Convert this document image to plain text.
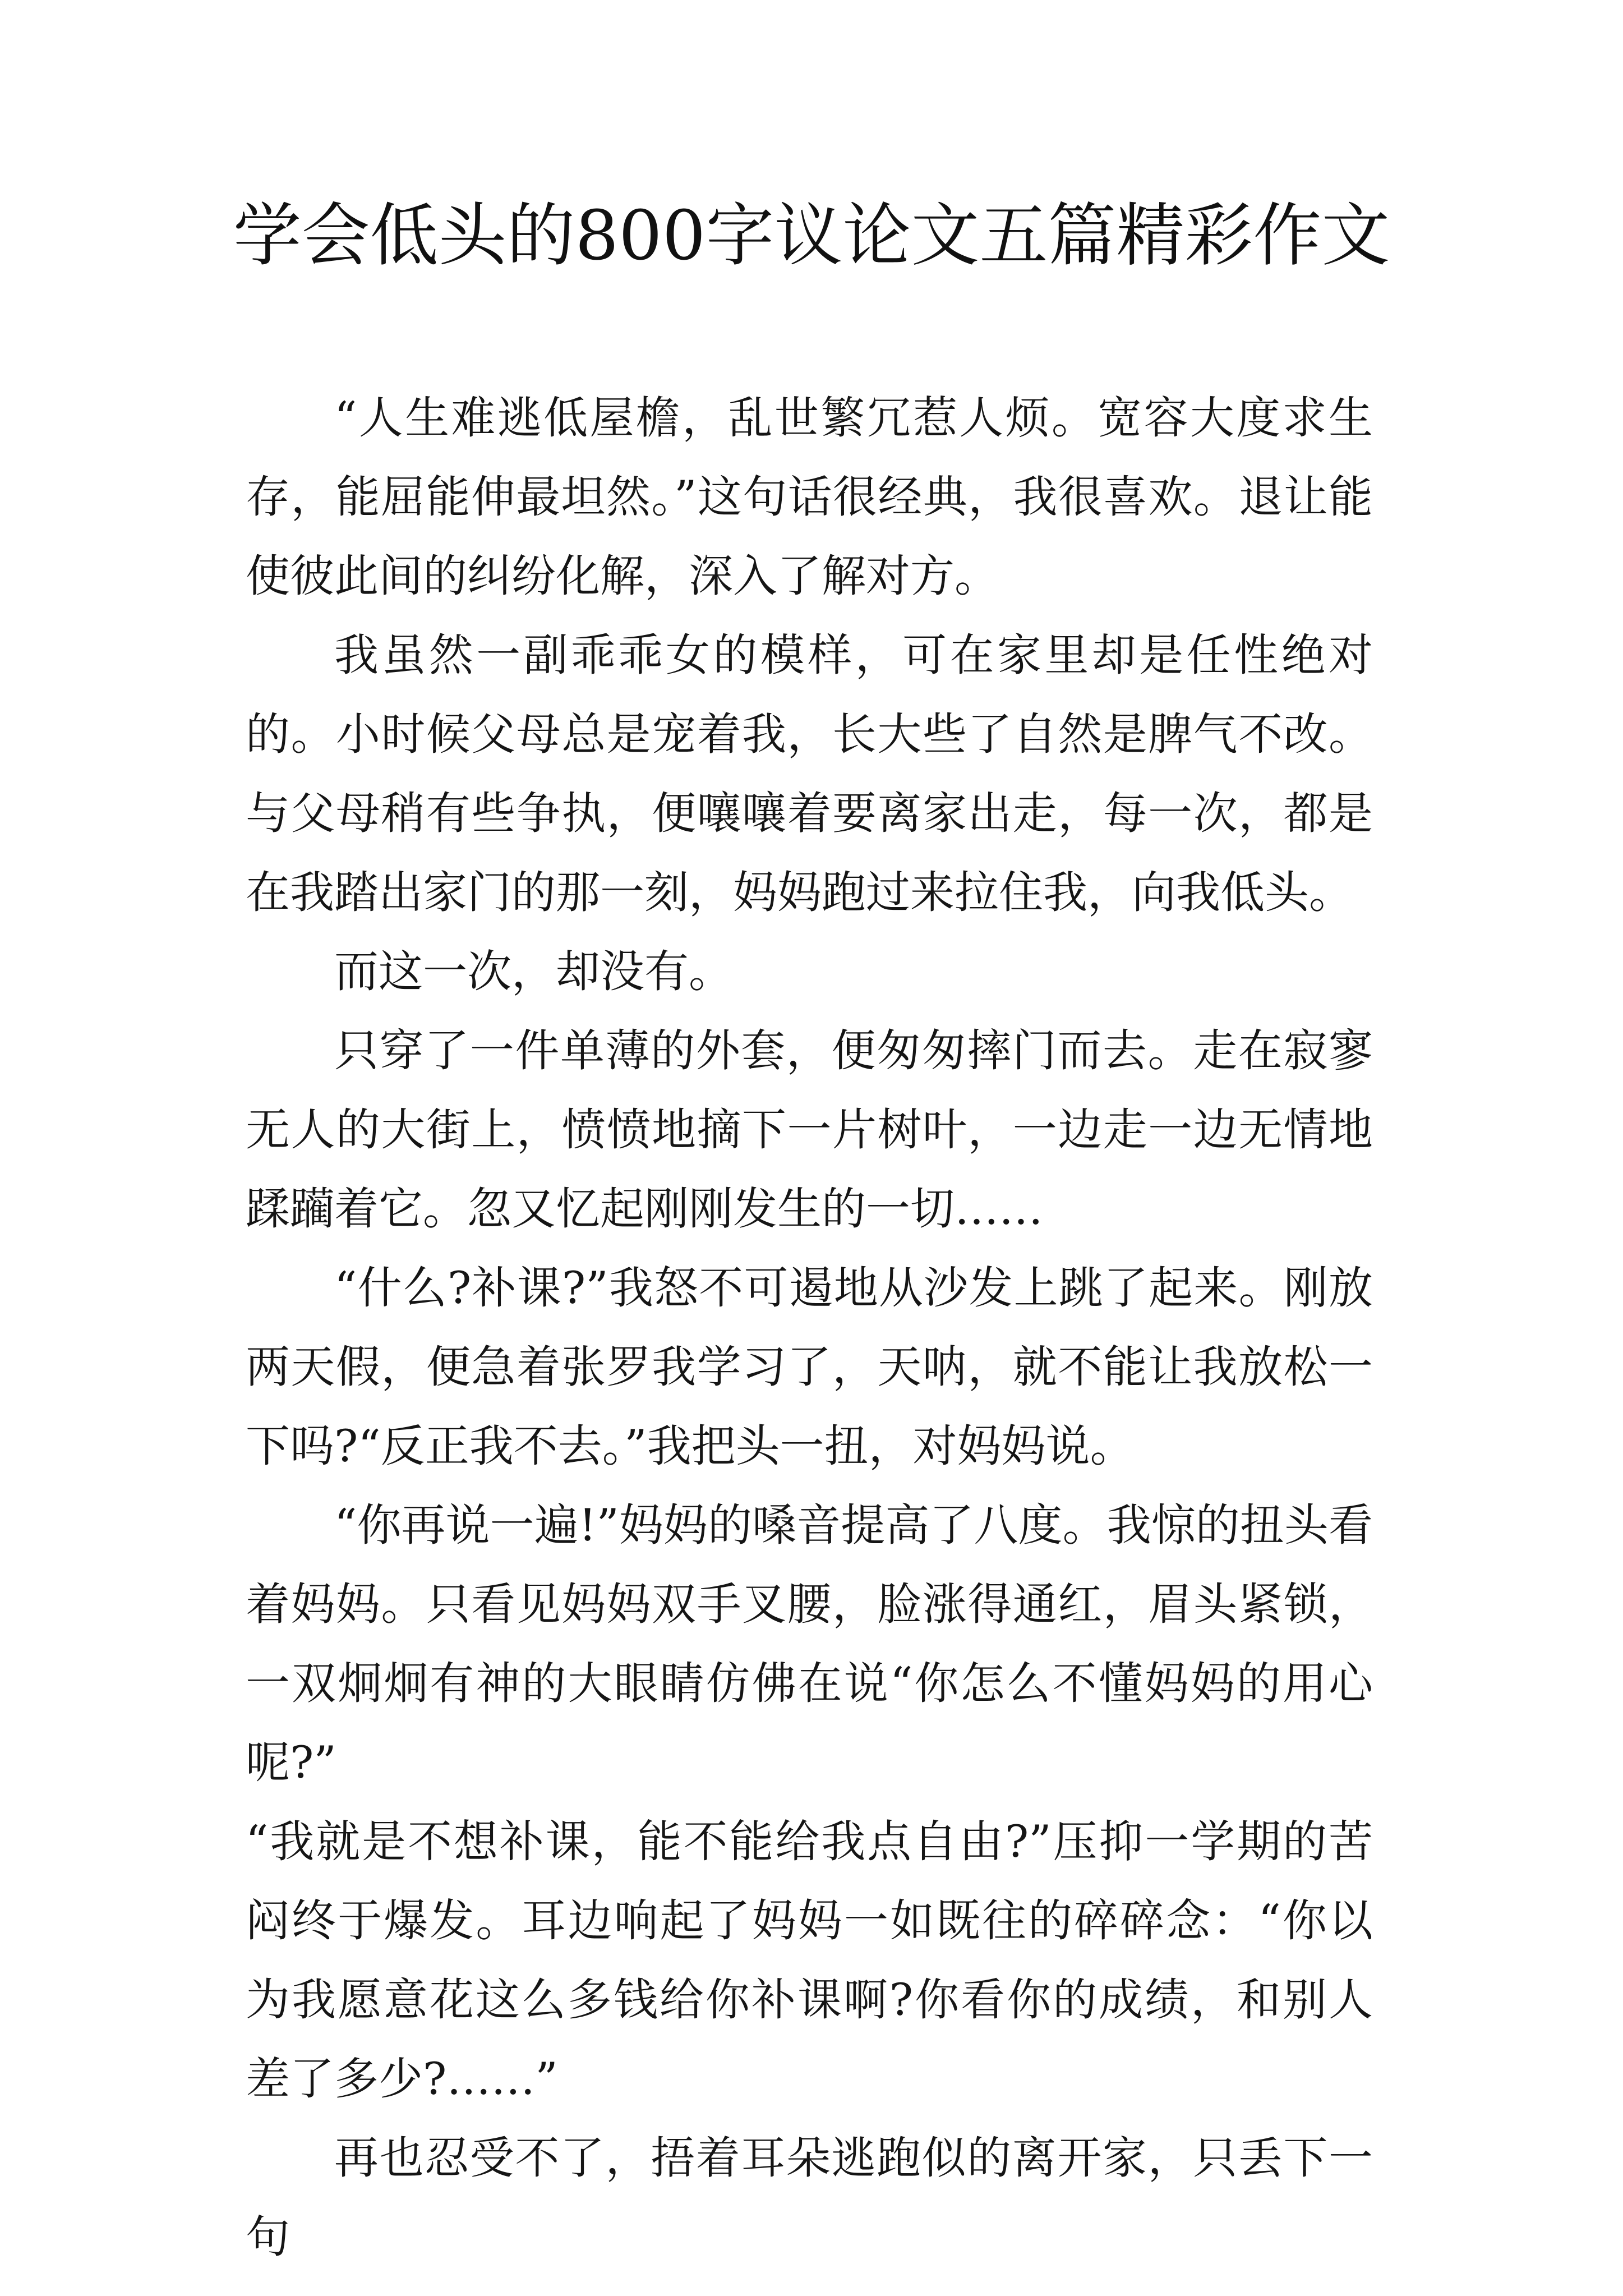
学会低头的800字议论文五篇精彩作文

“人生难逃低屋檐，乱世繁冗惹人烦。宽容大度求生存，能屈能伸最坦然。”这句话很经典，我很喜欢。退让能使彼此间的纠纷化解，深入了解对方。

我虽然一副乖乖女的模样，可在家里却是任性绝对的。小时候父母总是宠着我，长大些了自然是脾气不改。与父母稍有些争执，便嚷嚷着要离家出走，每一次，都是在我踏出家门的那一刻，妈妈跑过来拉住我，向我低头。

而这一次，却没有。

只穿了一件单薄的外套，便匆匆摔门而去。走在寂寥无人的大街上，愤愤地摘下一片树叶，一边走一边无情地蹂躏着它。忽又忆起刚刚发生的一切……

“什么?补课?”我怒不可遏地从沙发上跳了起来。刚放两天假，便急着张罗我学习了，天呐，就不能让我放松一下吗?“反正我不去。”我把头一扭，对妈妈说。

“你再说一遍!”妈妈的嗓音提高了八度。我惊的扭头看着妈妈。只看见妈妈双手叉腰，脸涨得通红，眉头紧锁，一双炯炯有神的大眼睛仿佛在说“你怎么不懂妈妈的用心呢?”

“我就是不想补课，能不能给我点自由?”压抑一学期的苦闷终于爆发。耳边响起了妈妈一如既往的碎碎念：“你以为我愿意花这么多钱给你补课啊?你看你的成绩，和别人差了多少?……”

再也忍受不了，捂着耳朵逃跑似的离开家，只丢下一句
